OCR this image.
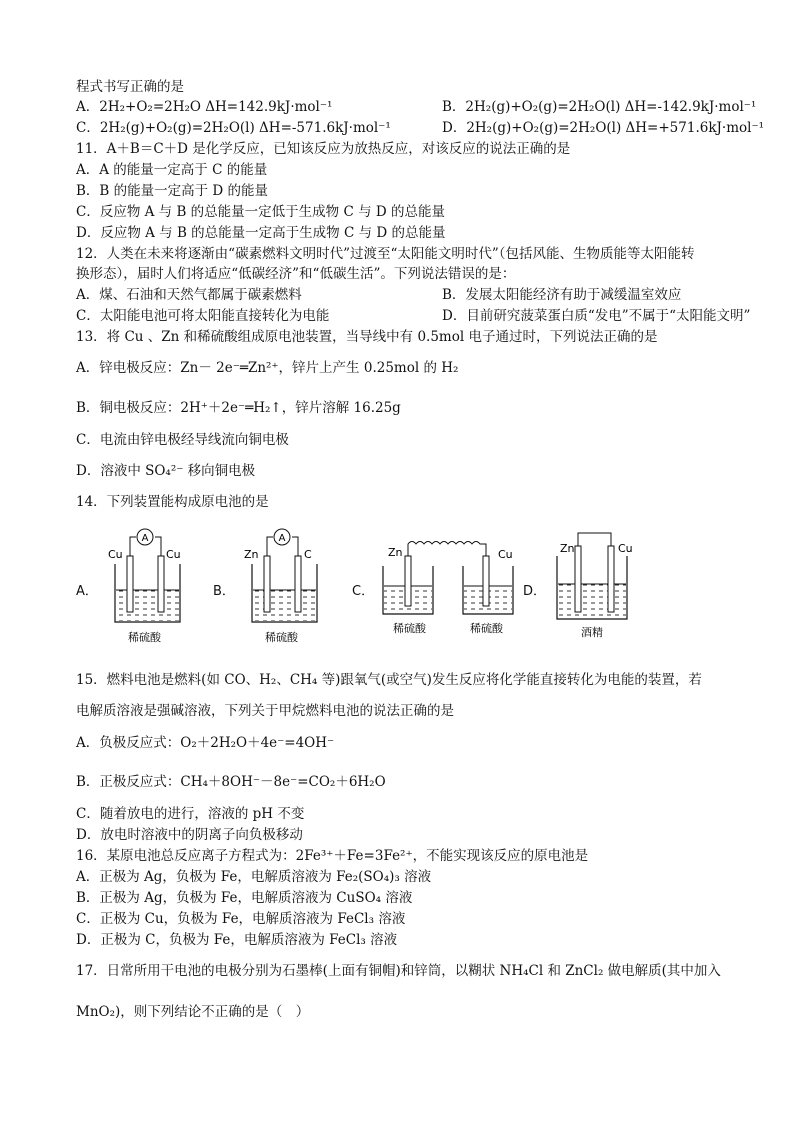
程式书写正确的是
A．2H₂+O₂=2H₂O ΔH=142.9kJ·mol⁻¹	B．2H₂(g)+O₂(g)=2H₂O(l) ΔH=-142.9kJ·mol⁻¹
C．2H₂(g)+O₂(g)=2H₂O(l) ΔH=-571.6kJ·mol⁻¹	D．2H₂(g)+O₂(g)=2H₂O(l) ΔH=+571.6kJ·mol⁻¹
11．A＋B＝C＋D 是化学反应，已知该反应为放热反应，对该反应的说法正确的是
A．A 的能量一定高于 C 的能量
B．B 的能量一定高于 D 的能量
C．反应物 A 与 B 的总能量一定低于生成物 C 与 D 的总能量
D．反应物 A 与 B 的总能量一定高于生成物 C 与 D 的总能量
12．人类在未来将逐渐由“碳素燃料文明时代”过渡至“太阳能文明时代”（包括风能、生物质能等太阳能转
换形态），届时人们将适应“低碳经济”和“低碳生活”。下列说法错误的是：
A．煤、石油和天然气都属于碳素燃料	B．发展太阳能经济有助于减缓温室效应
C．太阳能电池可将太阳能直接转化为电能	D．目前研究菠菜蛋白质“发电”不属于“太阳能文明”
13．将 Cu 、Zn 和稀硫酸组成原电池装置，当导线中有 0.5mol 电子通过时，下列说法正确的是
A．锌电极反应：Zn－ 2e⁻═Zn²⁺，锌片上产生 0.25mol 的 H₂
B．铜电极反应：2H⁺＋2e⁻═H₂↑，锌片溶解 16.25g
C．电流由锌电极经导线流向铜电极
D．溶液中 SO₄²⁻ 移向铜电极
14．下列装置能构成原电池的是
A．	B．	C．	D．
A
Cu	Cu
稀硫酸
A
Zn	C
稀硫酸
Zn	Cu
稀硫酸	稀硫酸
Zn	Cu
酒精
15．燃料电池是燃料(如 CO、H₂、CH₄ 等)跟氧气(或空气)发生反应将化学能直接转化为电能的装置，若
电解质溶液是强碱溶液，下列关于甲烷燃料电池的说法正确的是
A．负极反应式：O₂＋2H₂O＋4e⁻=4OH⁻
B．正极反应式：CH₄＋8OH⁻－8e⁻=CO₂＋6H₂O
C．随着放电的进行，溶液的 pH 不变
D．放电时溶液中的阴离子向负极移动
16．某原电池总反应离子方程式为：2Fe³⁺＋Fe=3Fe²⁺，不能实现该反应的原电池是
A．正极为 Ag，负极为 Fe，电解质溶液为 Fe₂(SO₄)₃ 溶液
B．正极为 Ag，负极为 Fe，电解质溶液为 CuSO₄ 溶液
C．正极为 Cu，负极为 Fe，电解质溶液为 FeCl₃ 溶液
D．正极为 C，负极为 Fe，电解质溶液为 FeCl₃ 溶液
17．日常所用干电池的电极分别为石墨棒(上面有铜帽)和锌筒，以糊状 NH₄Cl 和 ZnCl₂ 做电解质(其中加入
MnO₂)，则下列结论不正确的是（　）
